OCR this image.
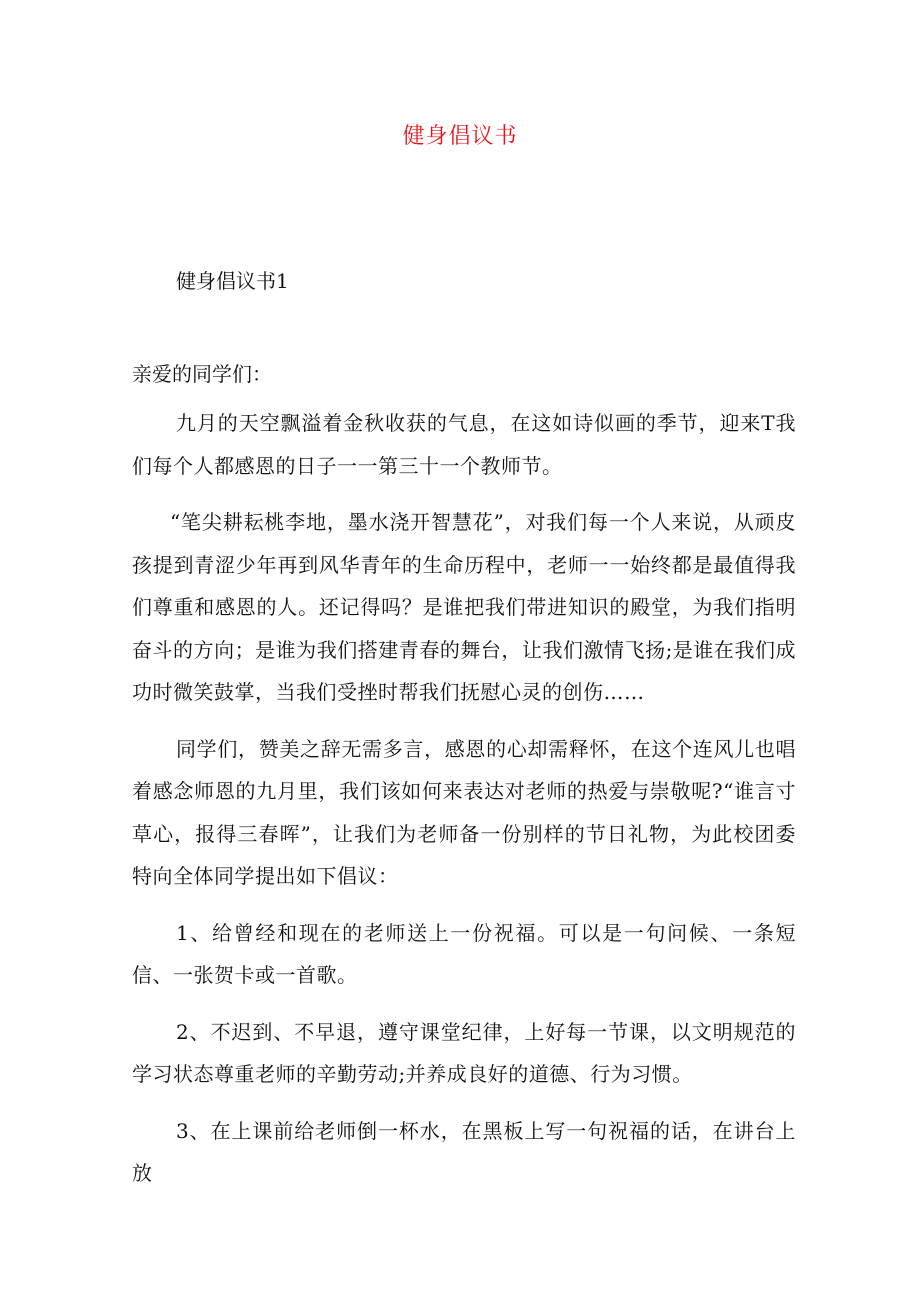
健身倡议书
健身倡议书1
亲爱的同学们：

九月的天空飘溢着金秋收获的气息，在这如诗似画的季节，迎来T我们每个人都感恩的日子一一第三十一个教师节。

“笔尖耕耘桃李地，墨水浇开智慧花”，对我们每一个人来说，从顽皮孩提到青涩少年再到风华青年的生命历程中，老师一一始终都是最值得我们尊重和感恩的人。还记得吗？是谁把我们带进知识的殿堂，为我们指明奋斗的方向；是谁为我们搭建青春的舞台，让我们激情飞扬;是谁在我们成功时微笑鼓掌，当我们受挫时帮我们抚慰心灵的创伤……

同学们，赞美之辞无需多言，感恩的心却需释怀，在这个连风儿也唱着感念师恩的九月里，我们该如何来表达对老师的热爱与崇敬呢?“谁言寸草心，报得三春晖”，让我们为老师备一份别样的节日礼物，为此校团委特向全体同学提出如下倡议：

1、给曾经和现在的老师送上一份祝福。可以是一句问候、一条短信、一张贺卡或一首歌。

2、不迟到、不早退，遵守课堂纪律，上好每一节课，以文明规范的学习状态尊重老师的辛勤劳动;并养成良好的道德、行为习惯。

3、在上课前给老师倒一杯水，在黑板上写一句祝福的话，在讲台上放
